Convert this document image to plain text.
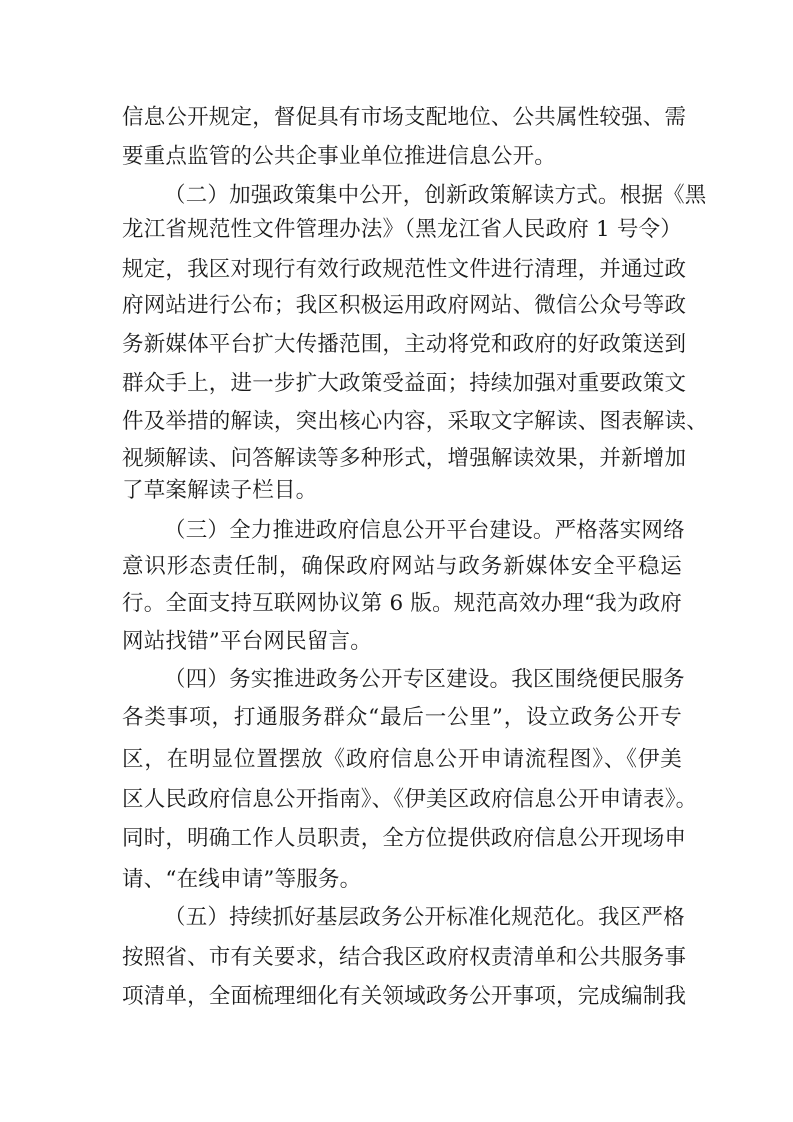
信息公开规定，督促具有市场支配地位、公共属性较强、需
要重点监管的公共企事业单位推进信息公开。
（二）加强政策集中公开，创新政策解读方式。根据《黑
龙江省规范性文件管理办法》（黑龙江省人民政府 1 号令）
规定，我区对现行有效行政规范性文件进行清理，并通过政
府网站进行公布；我区积极运用政府网站、微信公众号等政
务新媒体平台扩大传播范围，主动将党和政府的好政策送到
群众手上，进一步扩大政策受益面；持续加强对重要政策文
件及举措的解读，突出核心内容，采取文字解读、图表解读、
视频解读、问答解读等多种形式，增强解读效果，并新增加
了草案解读子栏目。
（三）全力推进政府信息公开平台建设。严格落实网络
意识形态责任制，确保政府网站与政务新媒体安全平稳运
行。全面支持互联网协议第 6 版。规范高效办理“我为政府
网站找错”平台网民留言。
（四）务实推进政务公开专区建设。我区围绕便民服务
各类事项，打通服务群众“最后一公里”，设立政务公开专
区，在明显位置摆放《政府信息公开申请流程图》、《伊美
区人民政府信息公开指南》、《伊美区政府信息公开申请表》。
同时，明确工作人员职责，全方位提供政府信息公开现场申
请、“在线申请”等服务。
（五）持续抓好基层政务公开标准化规范化。我区严格
按照省、市有关要求，结合我区政府权责清单和公共服务事
项清单，全面梳理细化有关领域政务公开事项，完成编制我
